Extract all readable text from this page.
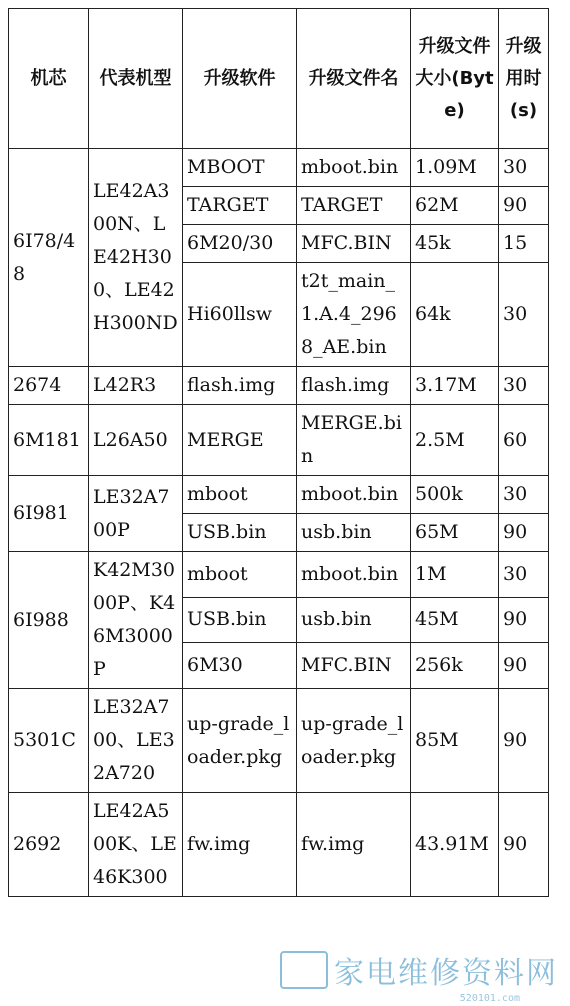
机芯	代表机型	升级软件	升级文件名	升级文件大小(Byte)	升级用时(s)
6I78/48	LE42A300N、LE42H300、LE42H300ND	MBOOT	mboot.bin	1.09M	30
		TARGET	TARGET	62M	90
		6M20/30	MFC.BIN	45k	15
		Hi60llsw	t2t_main_1.A.4_2968_AE.bin	64k	30
2674	L42R3	flash.img	flash.img	3.17M	30
6M181	L26A50	MERGE	MERGE.bin	2.5M	60
6I981	LE32A700P	mboot	mboot.bin	500k	30
		USB.bin	usb.bin	65M	90
6I988	K42M3000P、K46M3000P	mboot	mboot.bin	1M	30
		USB.bin	usb.bin	45M	90
		6M30	MFC.BIN	256k	90
5301C	LE32A700、LE32A720	up-grade_loader.pkg	up-grade_loader.pkg	85M	90
2692	LE42A500K、LE46K300	fw.img	fw.img	43.91M	90
家电维修资料网
520101.com
